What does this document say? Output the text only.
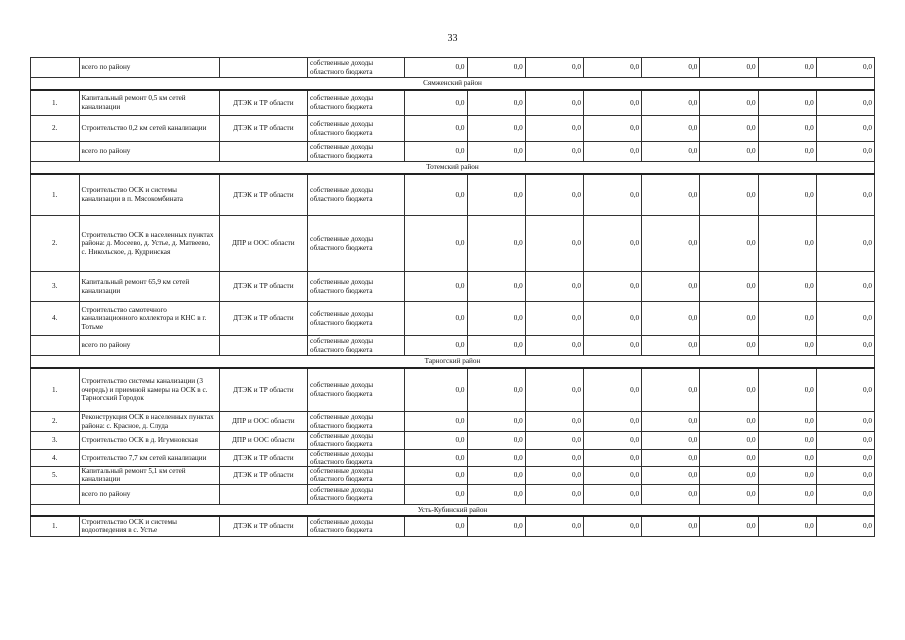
33
	всего по району		собственные доходы областного бюджета	0,0	0,0	0,0	0,0	0,0	0,0	0,0	0,0
Сямженский район											
1.	Капитальный ремонт 0,5 км сетей канализации	ДТЭК и ТР области	собственные доходы областного бюджета	0,0	0,0	0,0	0,0	0,0	0,0	0,0	0,0
2.	Строительство 0,2 км сетей канализации	ДТЭК и ТР области	собственные доходы областного бюджета	0,0	0,0	0,0	0,0	0,0	0,0	0,0	0,0
	всего по району		собственные доходы областного бюджета	0,0	0,0	0,0	0,0	0,0	0,0	0,0	0,0
Тотемский район											
1.	Строительство ОСК и системы канализации в п. Мясокомбината	ДТЭК и ТР области	собственные доходы областного бюджета	0,0	0,0	0,0	0,0	0,0	0,0	0,0	0,0
2.	Строительство ОСК в населенных пунктах района: д. Мосеево, д. Устье, д. Матвеево, с. Никольское, д. Кудринская	ДПР и ООС области	собственные доходы областного бюджета	0,0	0,0	0,0	0,0	0,0	0,0	0,0	0,0
3.	Капитальный ремонт 65,9 км сетей канализации	ДТЭК и ТР области	собственные доходы областного бюджета	0,0	0,0	0,0	0,0	0,0	0,0	0,0	0,0
4.	Строительство самотечного канализационного коллектора и КНС в г. Тотьме	ДТЭК и ТР области	собственные доходы областного бюджета	0,0	0,0	0,0	0,0	0,0	0,0	0,0	0,0
	всего по району		собственные доходы областного бюджета	0,0	0,0	0,0	0,0	0,0	0,0	0,0	0,0
Тарногский район											
1.	Строительство системы канализации (3 очередь) и приемной камеры на ОСК в с. Тарногский Городок	ДТЭК и ТР области	собственные доходы областного бюджета	0,0	0,0	0,0	0,0	0,0	0,0	0,0	0,0
2.	Реконструкция ОСК в населенных пунктах района: с. Красное, д. Слуда	ДПР и ООС области	собственные доходы областного бюджета	0,0	0,0	0,0	0,0	0,0	0,0	0,0	0,0
3.	Строительство ОСК в д. Игумновская	ДПР и ООС области	собственные доходы областного бюджета	0,0	0,0	0,0	0,0	0,0	0,0	0,0	0,0
4.	Строительство 7,7 км сетей канализации	ДТЭК и ТР области	собственные доходы областного бюджета	0,0	0,0	0,0	0,0	0,0	0,0	0,0	0,0
5.	Капитальный ремонт 5,1 км сетей канализации	ДТЭК и ТР области	собственные доходы областного бюджета	0,0	0,0	0,0	0,0	0,0	0,0	0,0	0,0
	всего по району		собственные доходы областного бюджета	0,0	0,0	0,0	0,0	0,0	0,0	0,0	0,0
Усть-Кубинский район											
1.	Строительство ОСК и системы водоотведения в с. Устье	ДТЭК и ТР области	собственные доходы областного бюджета	0,0	0,0	0,0	0,0	0,0	0,0	0,0	0,0
